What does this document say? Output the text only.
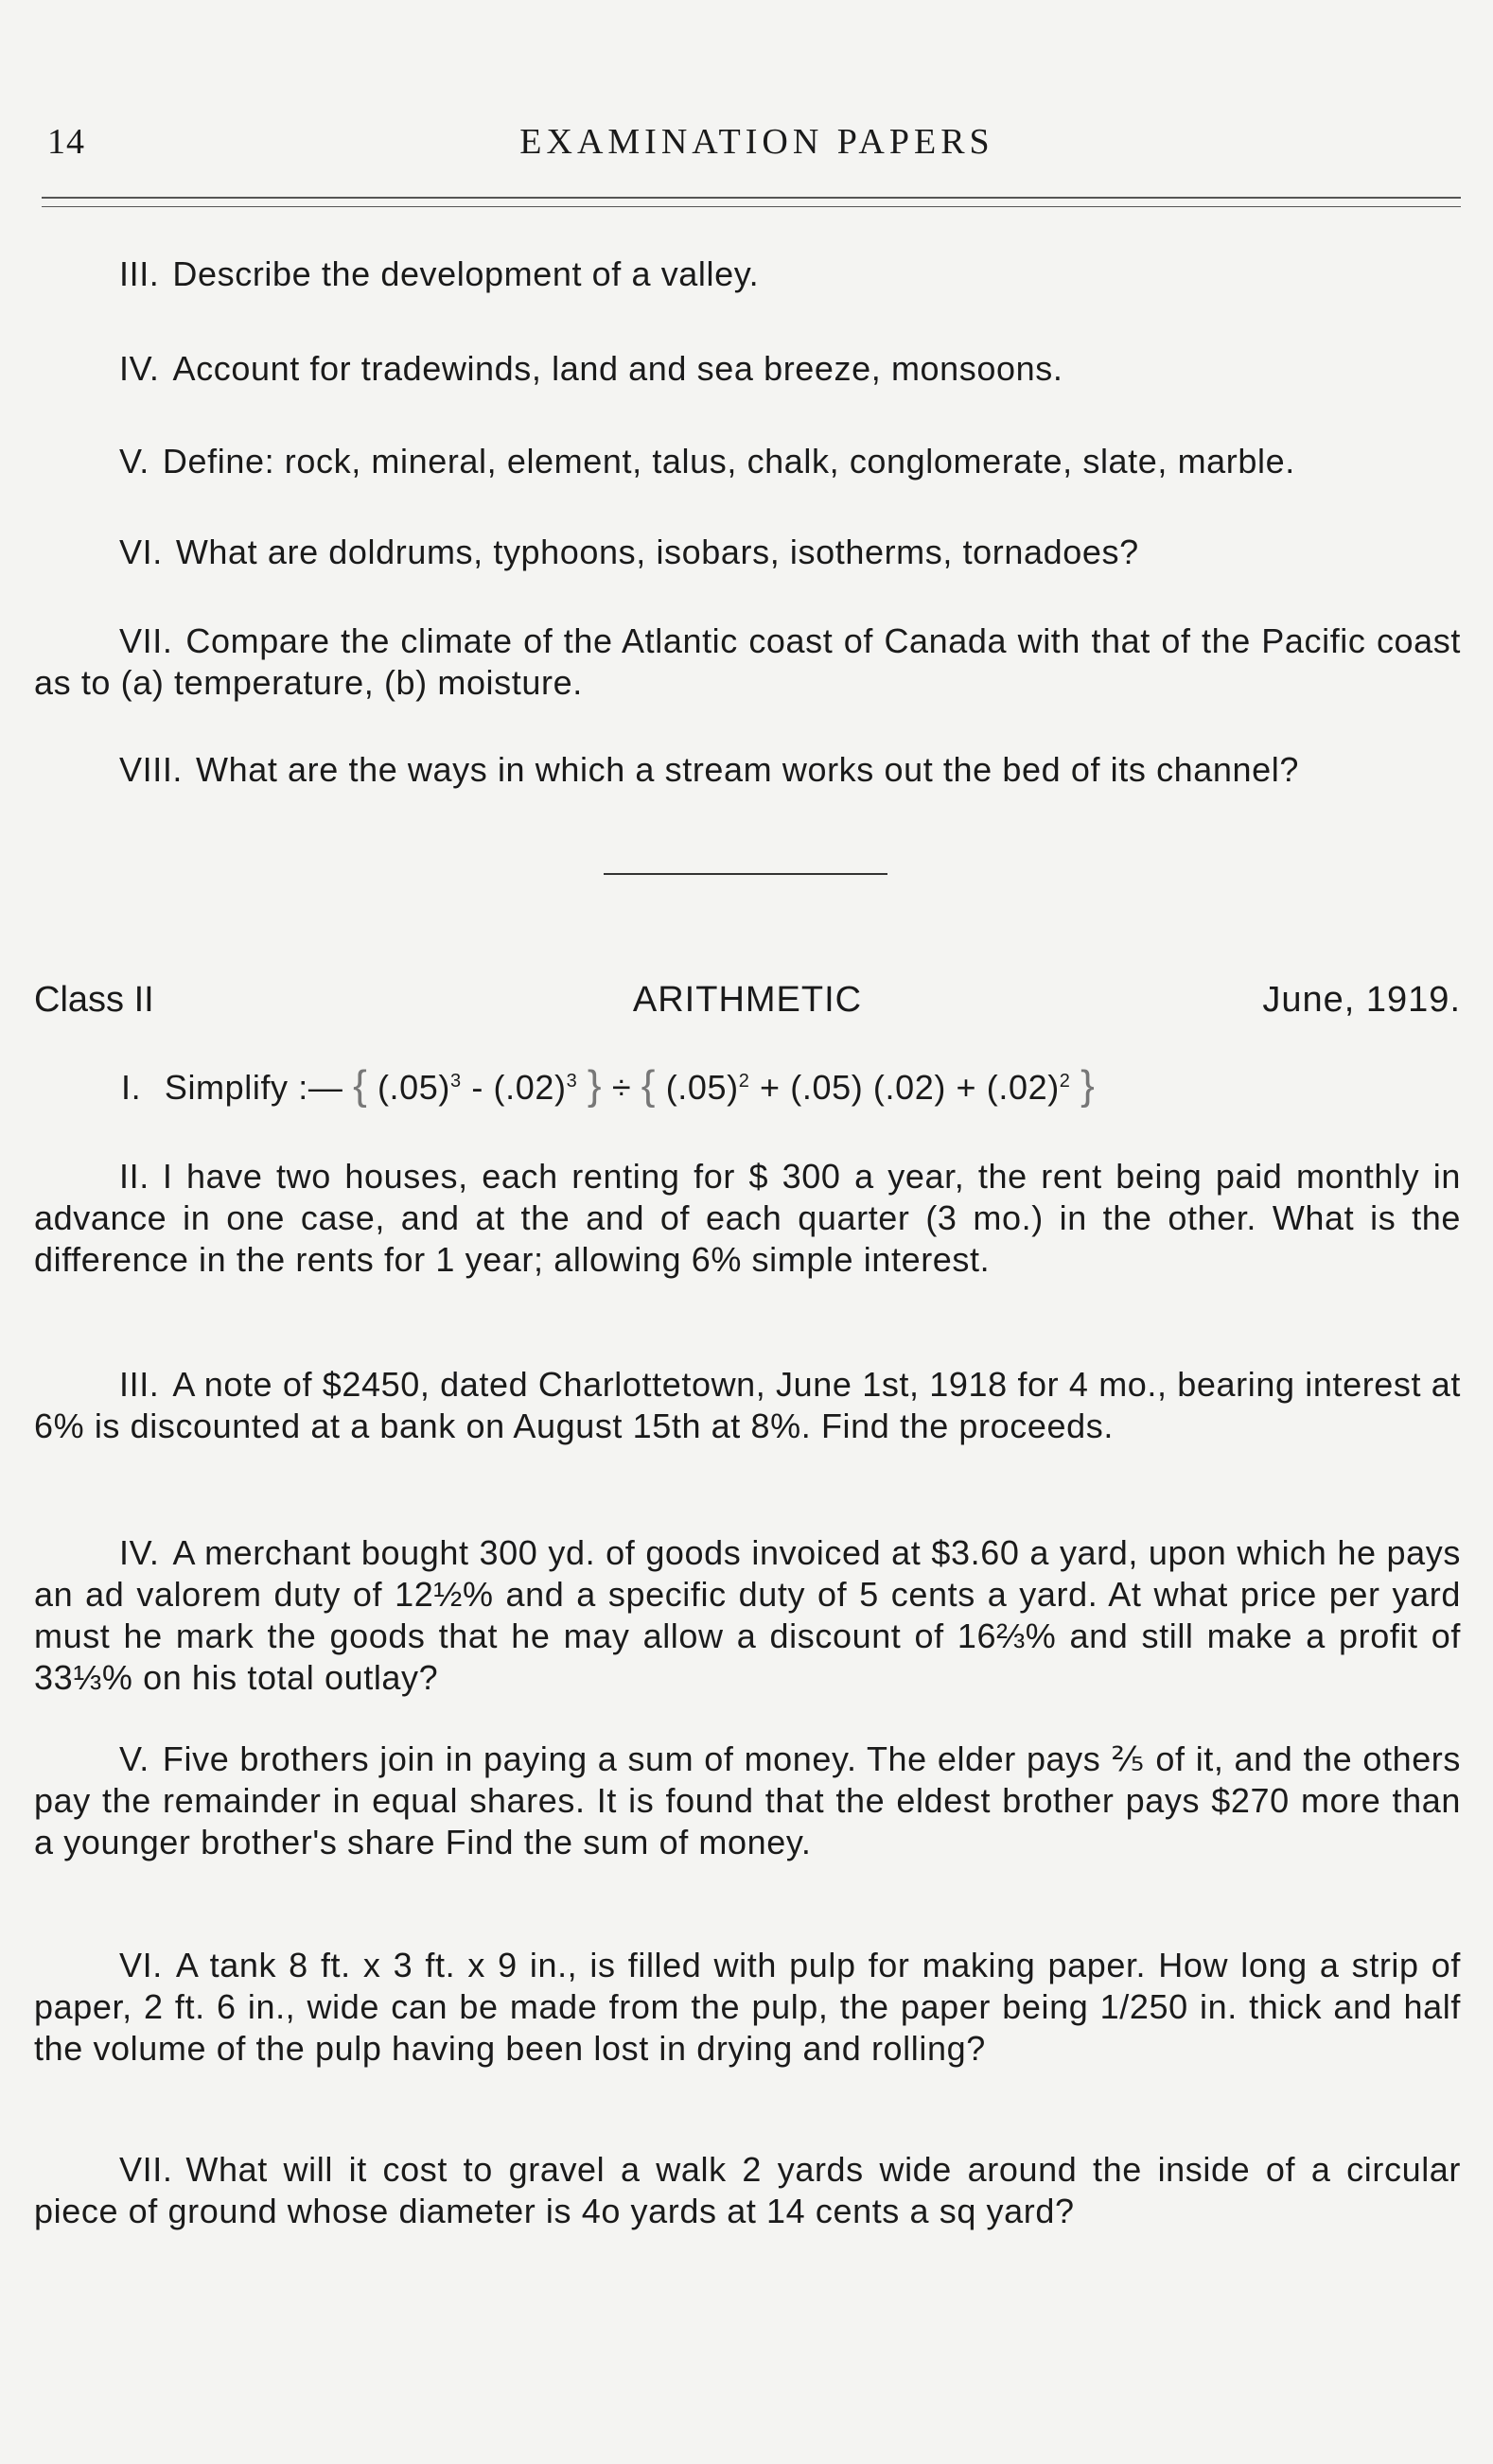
14	EXAMINATION PAPERS
III. Describe the development of a valley.
IV. Account for tradewinds, land and sea breeze, monsoons.
V. Define: rock, mineral, element, talus, chalk, conglomerate, slate, marble.
VI. What are doldrums, typhoons, isobars, isotherms, tornadoes?
VII. Compare the climate of the Atlantic coast of Canada with that of the Pacific coast as to (a) temperature, (b) moisture.
VIII. What are the ways in which a stream works out the bed of its channel?
Class II	ARITHMETIC	June, 1919.
I. Simplify :— { $(.05)^3 - (.02)^3$ } ÷ { $(.05)^2 + (.05) (.02) + (.02)^2$ }
II. I have two houses, each renting for $ 300 a year, the rent being paid monthly in advance in one case, and at the and of each quarter (3 mo.) in the other. What is the difference in the rents for 1 year; allowing 6% simple interest.
III. A note of $2450, dated Charlottetown, June 1st, 1918 for 4 mo., bearing interest at 6% is discounted at a bank on August 15th at 8%. Find the proceeds.
IV. A merchant bought 300 yd. of goods invoiced at $3.60 a yard, upon which he pays an ad valorem duty of 12½% and a specific duty of 5 cents a yard. At what price per yard must he mark the goods that he may allow a discount of 16⅔% and still make a profit of 33⅓% on his total outlay?
V. Five brothers join in paying a sum of money. The elder pays ⅖ of it, and the others pay the remainder in equal shares. It is found that the eldest brother pays $270 more than a younger brother's share Find the sum of money.
VI. A tank 8 ft. x 3 ft. x 9 in., is filled with pulp for making paper. How long a strip of paper, 2 ft. 6 in., wide can be made from the pulp, the paper being 1/250 in. thick and half the volume of the pulp having been lost in drying and rolling?
VII. What will it cost to gravel a walk 2 yards wide around the inside of a circular piece of ground whose diameter is 4o yards at 14 cents a sq yard?
